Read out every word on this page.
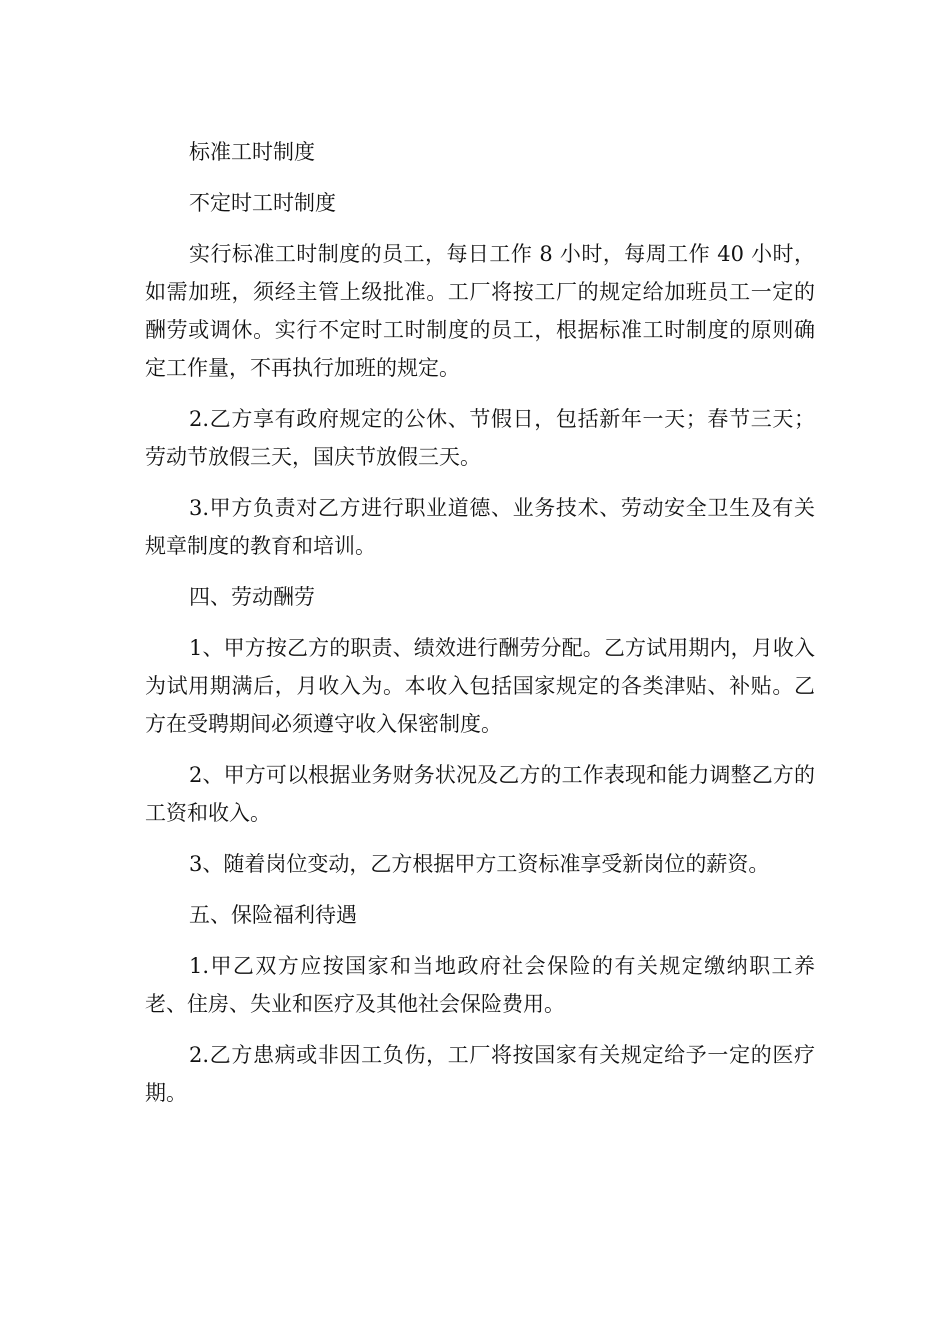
标准工时制度

不定时工时制度

实行标准工时制度的员工，每日工作 8 小时，每周工作 40 小时，如需加班，须经主管上级批准。工厂将按工厂的规定给加班员工一定的酬劳或调休。实行不定时工时制度的员工，根据标准工时制度的原则确定工作量，不再执行加班的规定。

2.乙方享有政府规定的公休、节假日，包括新年一天；春节三天；劳动节放假三天，国庆节放假三天。

3.甲方负责对乙方进行职业道德、业务技术、劳动安全卫生及有关规章制度的教育和培训。

四、劳动酬劳

1、甲方按乙方的职责、绩效进行酬劳分配。乙方试用期内，月收入为试用期满后，月收入为。本收入包括国家规定的各类津贴、补贴。乙方在受聘期间必须遵守收入保密制度。

2、甲方可以根据业务财务状况及乙方的工作表现和能力调整乙方的工资和收入。

3、随着岗位变动，乙方根据甲方工资标准享受新岗位的薪资。

五、保险福利待遇

1.甲乙双方应按国家和当地政府社会保险的有关规定缴纳职工养老、住房、失业和医疗及其他社会保险费用。

2.乙方患病或非因工负伤，工厂将按国家有关规定给予一定的医疗期。
